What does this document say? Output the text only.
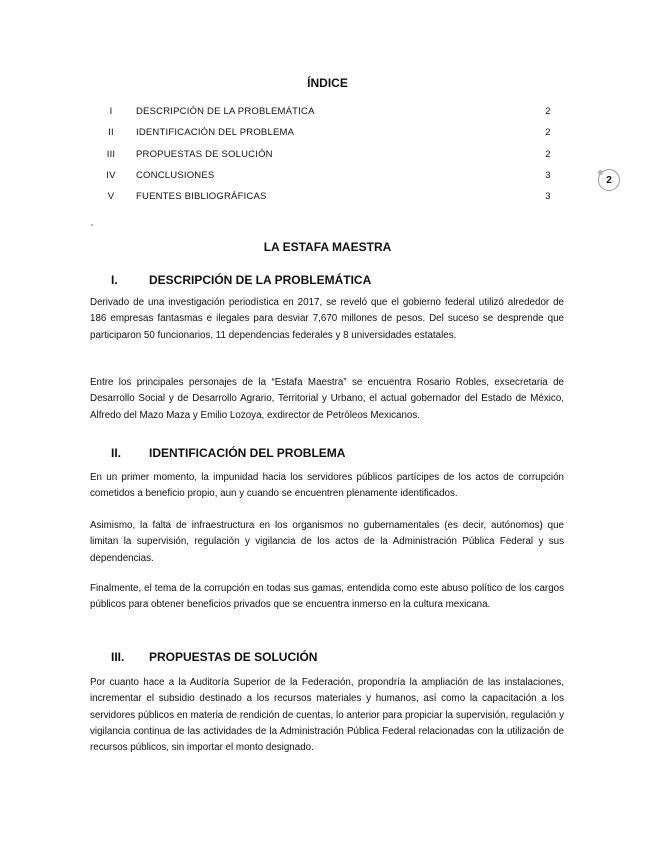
ÍNDICE
I	DESCRIPCIÓN DE LA PROBLEMÁTICA	2
II	IDENTIFICACIÓN DEL PROBLEMA	2
III	PROPUESTAS DE SOLUCIÓN	2
IV	CONCLUSIONES	3
V	FUENTES BIBLIOGRÁFICAS	3
2
LA ESTAFA MAESTRA
I.	DESCRIPCIÓN DE LA PROBLEMÁTICA

Derivado de una investigación periodística en 2017, se reveló que el gobierno federal utilizó alrededor de 186 empresas fantasmas e ilegales para desviar 7,670 millones de pesos. Del suceso se desprende que participaron 50 funcionarios, 11 dependencias federales y 8 universidades estatales.

Entre los principales personajes de la “Estafa Maestra” se encuentra Rosario Robles, exsecretaria de Desarrollo Social y de Desarrollo Agrario, Territorial y Urbano, el actual gobernador del Estado de México, Alfredo del Mazo Maza y Emilio Lozoya, exdirector de Petróleos Mexicanos.

II. IDENTIFICACIÓN DEL PROBLEMA

En un primer momento, la impunidad hacia los servidores públicos partícipes de los actos de corrupción cometidos a beneficio propio, aun y cuando se encuentren plenamente identificados.

Asimismo, la falta de infraestructura en los organismos no gubernamentales (es decir, autónomos) que limitan la supervisión, regulación y vigilancia de los actos de la Administración Pública Federal y sus dependencias.

Finalmente, el tema de la corrupción en todas sus gamas, entendida como este abuso político de los cargos públicos para obtener beneficios privados que se encuentra inmerso en la cultura mexicana.

III. PROPUESTAS DE SOLUCIÓN

Por cuanto hace a la Auditoría Superior de la Federación, propondría la ampliación de las instalaciones, incrementar el subsidio destinado a los recursos materiales y humanos, así como la capacitación a los servidores públicos en materia de rendición de cuentas, lo anterior para propiciar la supervisión, regulación y vigilancia continua de las actividades de la Administración Pública Federal relacionadas con la utilización de recursos públicos, sin importar el monto designado.
